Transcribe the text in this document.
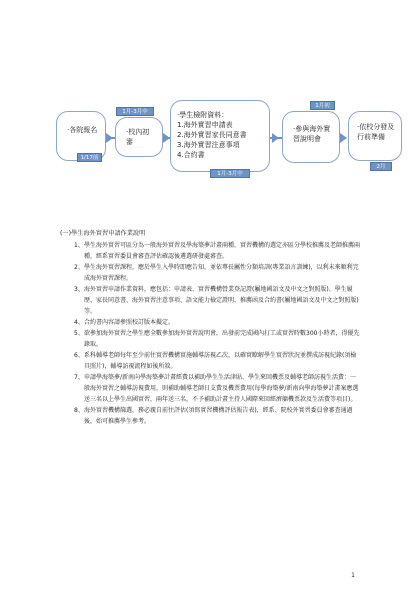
‧各院報名
1/17前
1月-3月中
‧校內初審
‧學生檢附資料：
1.海外實習申請表
2.海外實習家長同意書
3.海外實習注意事項
4.合約書
1月-3月中
1月初
‧參與海外實習說明會
‧依校分發及行前準備
2月
(一)學生海外實習申請作業說明
1、 學生海外實習可區分為一般海外實習及學海築夢計畫兩種，實習機構的選定亦區分學校推薦及老師推薦兩種，經系實習委員會審查評估確認後遴選研發處審查。
2、 學生海外實習課程，應於學生入學時即應告知，並依專長屬性分類培訓(專業語言訓練)，以利未來順利完成海外實習課程。
3、 海外實習申請作業資料，應包括：申請表、實習機構營業登記證(屬地國語文及中文之對照版)、學生履歷、家長同意書、海外實習注意事項、語文能力檢定證明、推薦函及合約書(屬地國語文及中文之對照版)等。
4、 合約書內容請參照校訂版本擬定。
5、 欲參加海外實習之學生應全數參加海外實習說明會，出發前完成國內打工或實習時數300小時者，得優先錄取。
6、 系科輔導老師每年至少前往實習機構實施輔導訪視乙次，以確實瞭解學生實習狀況並撰成訪視紀錄(須檢具照片)，輔導訪視流程如後所敘。
7、 申請學海築夢/新南向學海築夢計畫經費以補助學生生活津貼、學生來回機票及輔導老師訪視生活費：一般海外實習之輔導訪視費用，則補助輔導老師日支費及機票費用(每學海築夢/新南向學海築夢計畫案應選送三名以上學生出國實習，兩年送三名，不予補助計畫主持人國際來回經濟艙機票款及生活費等項目)。
8、 海外實習機構篩選，務必親自前往評估(須寫實習機構評估報告表)，經系、院校外實習委員會審查通過後，始可推薦學生參考。
1
